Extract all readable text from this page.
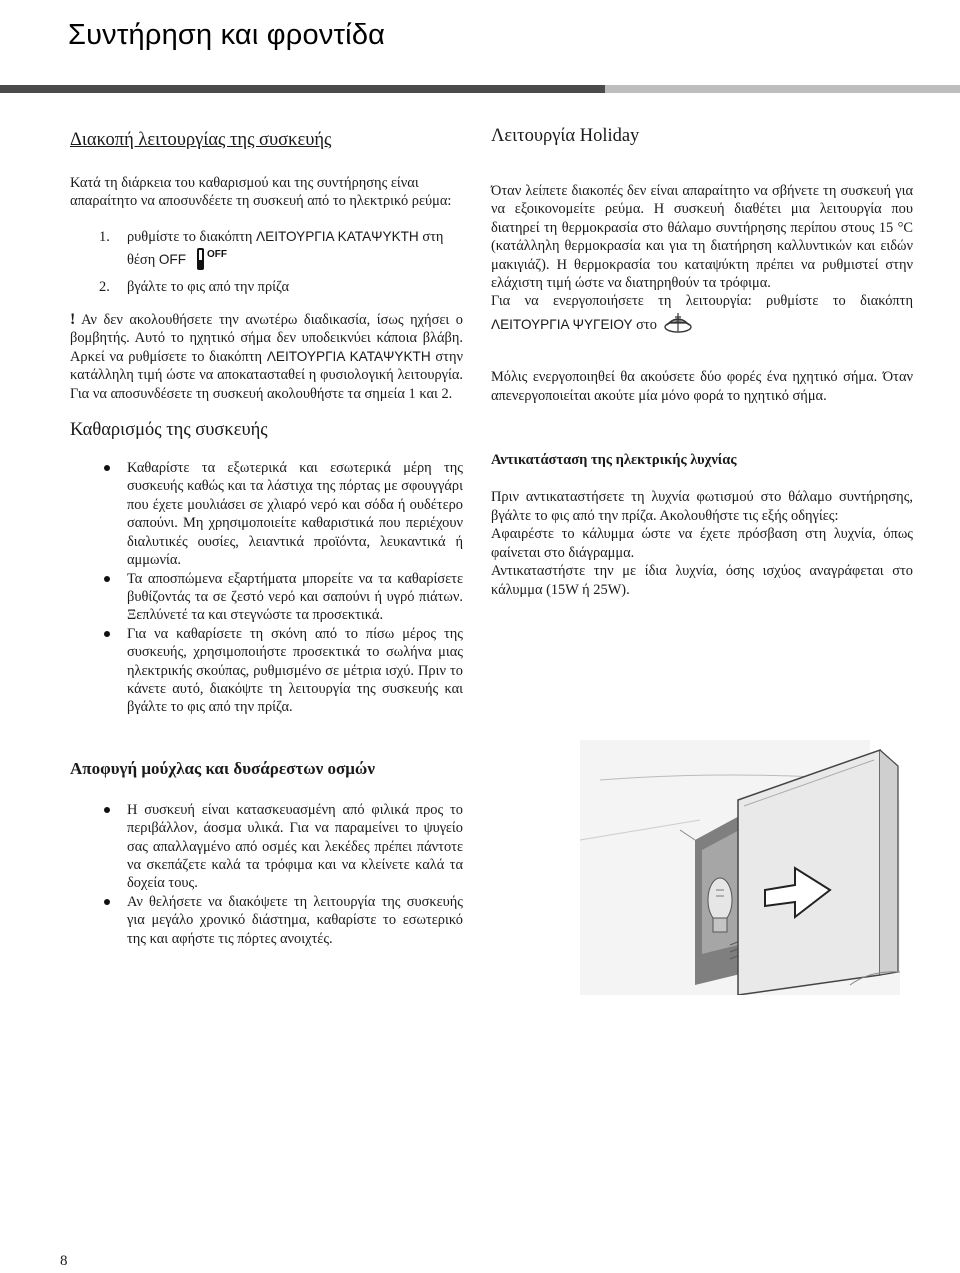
Συντήρηση και φροντίδα
Διακοπή λειτουργίας της συσκευής

Κατά τη διάρκεια του καθαρισμού και της συντήρησης είναι απαραίτητο να αποσυνδέετε τη συσκευή από το ηλεκτρικό ρεύμα:

1. ρυθμίστε το διακόπτη ΛΕΙΤΟΥΡΓΙΑ ΚΑΤΑΨΥΚΤΗ στη θέση OFF OFF
2. βγάλτε το φις από την πρίζα

! Αν δεν ακολουθήσετε την ανωτέρω διαδικασία, ίσως ηχήσει ο βομβητής. Αυτό το ηχητικό σήμα δεν υποδεικνύει κάποια βλάβη. Αρκεί να ρυθμίσετε το διακόπτη ΛΕΙΤΟΥΡΓΙΑ ΚΑΤΑΨΥΚΤΗ στην κατάλληλη τιμή ώστε να αποκατασταθεί η φυσιολογική λειτουργία. Για να αποσυνδέσετε τη συσκευή ακολουθήστε τα σημεία 1 και 2.

Καθαρισμός της συσκευής
Καθαρίστε τα εξωτερικά και εσωτερικά μέρη της συσκευής καθώς και τα λάστιχα της πόρτας με σφουγγάρι που έχετε μουλιάσει σε χλιαρό νερό και σόδα ή ουδέτερο σαπούνι. Μη χρησιμοποιείτε καθαριστικά που περιέχουν διαλυτικές ουσίες, λειαντικά προϊόντα, λευκαντικά ή αμμωνία.
Τα αποσπώμενα εξαρτήματα μπορείτε να τα καθαρίσετε βυθίζοντάς τα σε ζεστό νερό και σαπούνι ή υγρό πιάτων. Ξεπλύνετέ τα και στεγνώστε τα προσεκτικά.
Για να καθαρίσετε τη σκόνη από το πίσω μέρος της συσκευής, χρησιμοποιήστε προσεκτικά το σωλήνα μιας ηλεκτρικής σκούπας, ρυθμισμένο σε μέτρια ισχύ. Πριν το κάνετε αυτό, διακόψτε τη λειτουργία της συσκευής και βγάλτε το φις από την πρίζα.
Αποφυγή μούχλας και δυσάρεστων οσμών
Η συσκευή είναι κατασκευασμένη από φιλικά προς το περιβάλλον, άοσμα υλικά. Για να παραμείνει το ψυγείο σας απαλλαγμένο από οσμές και λεκέδες πρέπει πάντοτε να σκεπάζετε καλά τα τρόφιμα και να κλείνετε καλά τα δοχεία τους.
Αν θελήσετε να διακόψετε τη λειτουργία της συσκευής για μεγάλο χρονικό διάστημα, καθαρίστε το εσωτερικό της και αφήστε τις πόρτες ανοιχτές.
Λειτουργία Holiday

Όταν λείπετε διακοπές δεν είναι απαραίτητο να σβήνετε τη συσκευή για να εξοικονομείτε ρεύμα. Η συσκευή διαθέτει μια λειτουργία που διατηρεί τη θερμοκρασία στο θάλαμο συντήρησης περίπου στους 15 °C (κατάλληλη θερμοκρασία και για τη διατήρηση καλλυντικών και ειδών μακιγιάζ). Η θερμοκρασία του καταψύκτη πρέπει να ρυθμιστεί στην ελάχιστη τιμή ώστε να διατηρηθούν τα τρόφιμα.

Για να ενεργοποιήσετε τη λειτουργία: ρυθμίστε το διακόπτη ΛΕΙΤΟΥΡΓΙΑ ΨΥΓΕΙΟΥ στο

Μόλις ενεργοποιηθεί θα ακούσετε δύο φορές ένα ηχητικό σήμα. Όταν απενεργοποιείται ακούτε μία μόνο φορά το ηχητικό σήμα.

Αντικατάσταση της ηλεκτρικής λυχνίας

Πριν αντικαταστήσετε τη λυχνία φωτισμού στο θάλαμο συντήρησης, βγάλτε το φις από την πρίζα. Ακολουθήστε τις εξής οδηγίες:

Αφαιρέστε το κάλυμμα ώστε να έχετε πρόσβαση στη λυχνία, όπως φαίνεται στο διάγραμμα.

Αντικαταστήστε την με ίδια λυχνία, όσης ισχύος αναγράφεται στο κάλυμμα (15W ή 25W).

8
